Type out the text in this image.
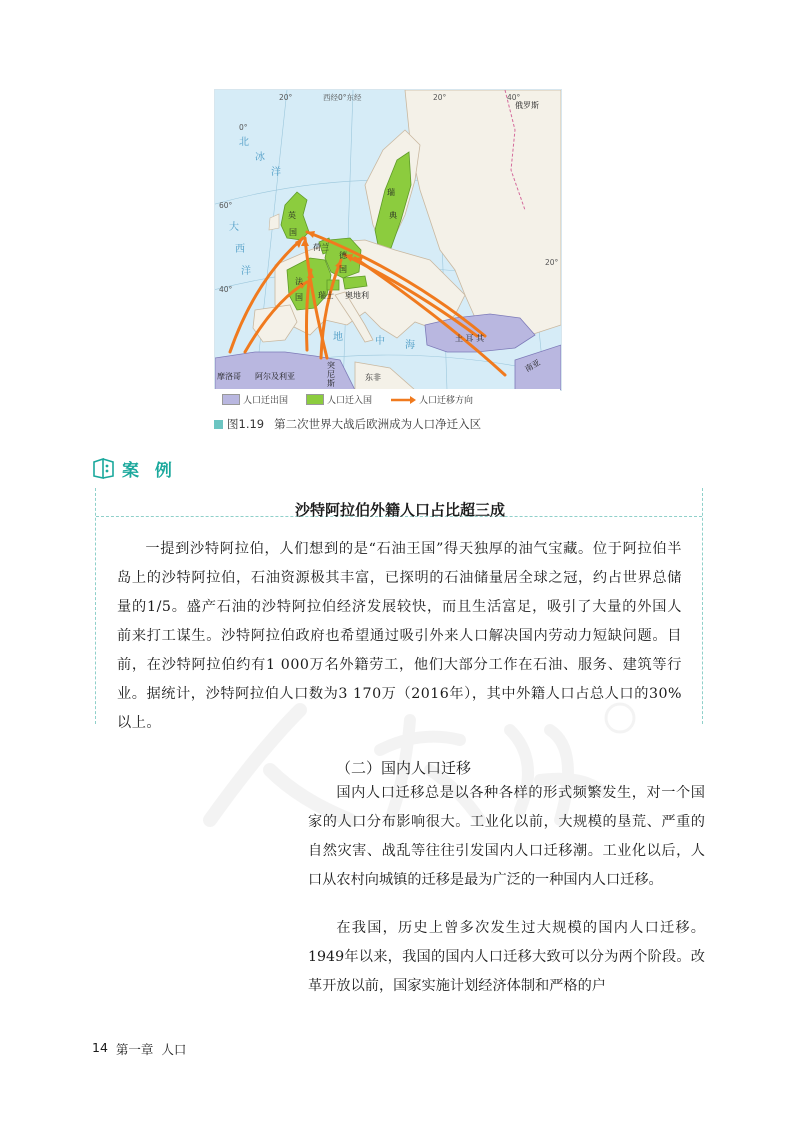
20°	西经0°东经	20°	40°
60°
40°
20°
0°
北
冰
洋
大
西
洋
地	中 海
俄罗斯
英
国
瑞
典
荷兰
德
国
法
国 瑞士 奥地利
土 耳 其
摩洛哥 阿尔及利亚
突
尼
斯
东非
南亚
人口迁出国	人口迁入国	人口迁移方向
图1.19 第二次世界大战后欧洲成为人口净迁入区
案 例
沙特阿拉伯外籍人口占比超三成
一提到沙特阿拉伯，人们想到的是“石油王国”得天独厚的油气宝藏。位于阿拉伯半岛上的沙特阿拉伯，石油资源极其丰富，已探明的石油储量居全球之冠，约占世界总储量的1/5。盛产石油的沙特阿拉伯经济发展较快，而且生活富足，吸引了大量的外国人前来打工谋生。沙特阿拉伯政府也希望通过吸引外来人口解决国内劳动力短缺问题。目前，在沙特阿拉伯约有1 000万名外籍劳工，他们大部分工作在石油、服务、建筑等行业。据统计，沙特阿拉伯人口数为3 170万（2016年），其中外籍人口占总人口的30%以上。
（二）国内人口迁移
国内人口迁移总是以各种各样的形式频繁发生，对一个国家的人口分布影响很大。工业化以前，大规模的垦荒、严重的自然灾害、战乱等往往引发国内人口迁移潮。工业化以后，人口从农村向城镇的迁移是最为广泛的一种国内人口迁移。
在我国，历史上曾多次发生过大规模的国内人口迁移。1949年以来，我国的国内人口迁移大致可以分为两个阶段。改革开放以前，国家实施计划经济体制和严格的户
14 第一章 人口
